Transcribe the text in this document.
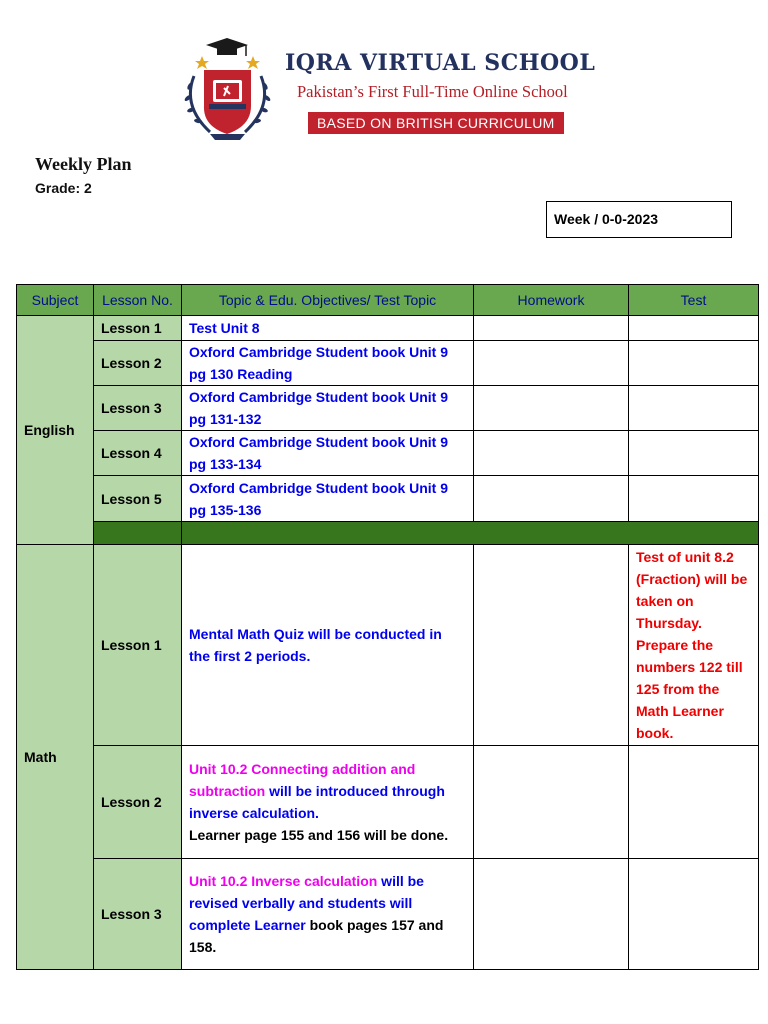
IQRA VIRTUAL SCHOOL
Pakistan’s First Full-Time Online School
BASED ON BRITISH CURRICULUM
Weekly Plan
Grade: 2
Week / 0-0-2023
Subject	Lesson No.	Topic & Edu. Objectives/ Test Topic	Homework	Test
English	Lesson 1	Test Unit 8		
	Lesson 2	Oxford Cambridge Student book Unit 9 pg 130 Reading		
	Lesson 3	Oxford Cambridge Student book Unit 9 pg 131-132		
	Lesson 4	Oxford Cambridge Student book Unit 9 pg 133-134		
	Lesson 5	Oxford Cambridge Student book Unit 9 pg 135-136		

Math	Lesson 1	Mental Math Quiz will be conducted in the first 2 periods.		Test of unit 8.2 (Fraction) will be taken on Thursday. Prepare the numbers 122 till 125 from the Math Learner book.
	Lesson 2	Unit 10.2 Connecting addition and subtraction will be introduced through inverse calculation.
Learner page 155 and 156 will be done.		
	Lesson 3	Unit 10.2 Inverse calculation will be revised verbally and students will complete Learner book pages 157 and 158.		
